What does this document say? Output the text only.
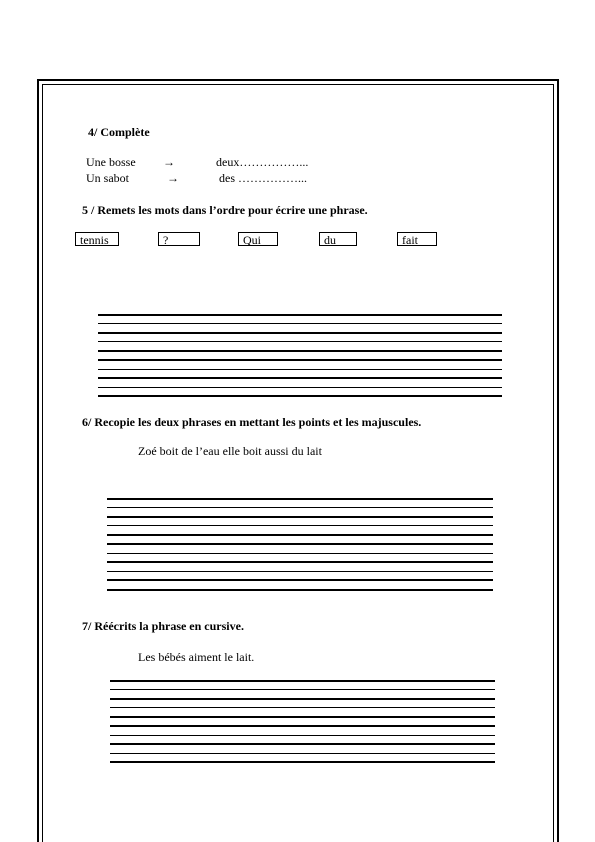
4/ Complète
Une bosse →	deux……………...
Un sabot	→	des ……………...
5 / Remets les mots dans l’ordre pour écrire une phrase.
tennis	?	Qui	du	fait
6/ Recopie les deux phrases en mettant les points et les majuscules.
Zoé boit de l’eau elle boit aussi du lait
7/ Réécrits la phrase en cursive.
Les bébés aiment le lait.
